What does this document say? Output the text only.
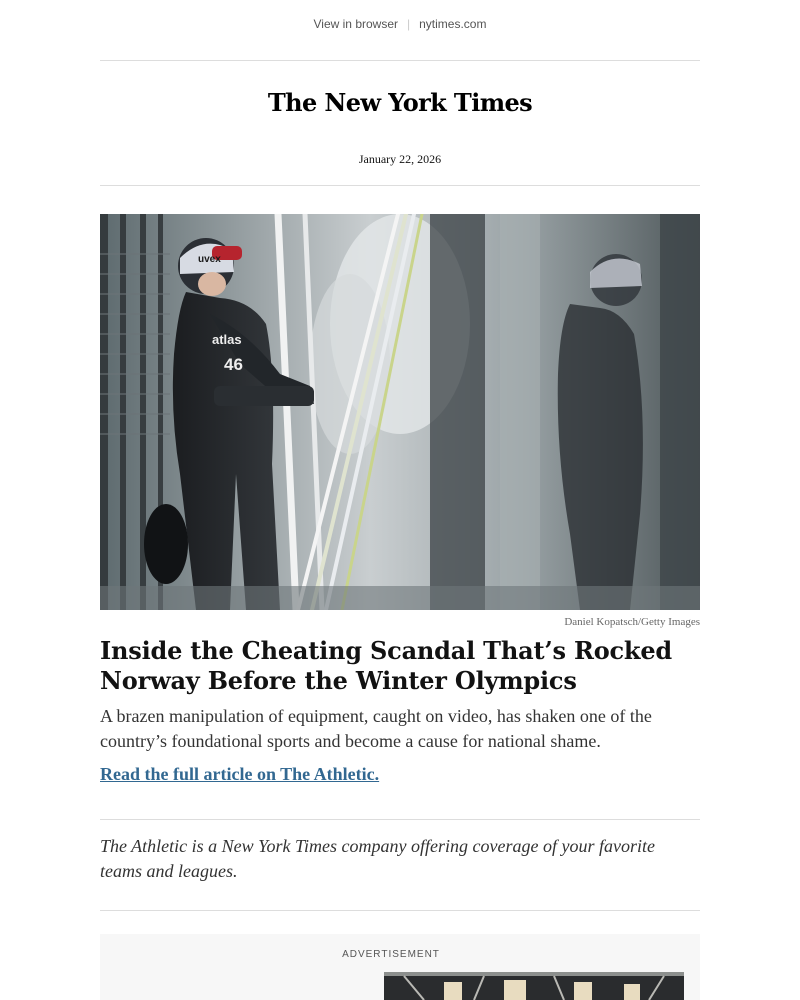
View in browser | nytimes.com
The New York Times
January 22, 2026
uvex
atlas
46
Daniel Kopatsch/Getty Images
Inside the Cheating Scandal That’s Rocked Norway Before the Winter Olympics

A brazen manipulation of equipment, caught on video, has shaken one of the country’s foundational sports and become a cause for national shame.

Read the full article on The Athletic.

The Athletic is a New York Times company offering coverage of your favorite teams and leagues.

ADVERTISEMENT
